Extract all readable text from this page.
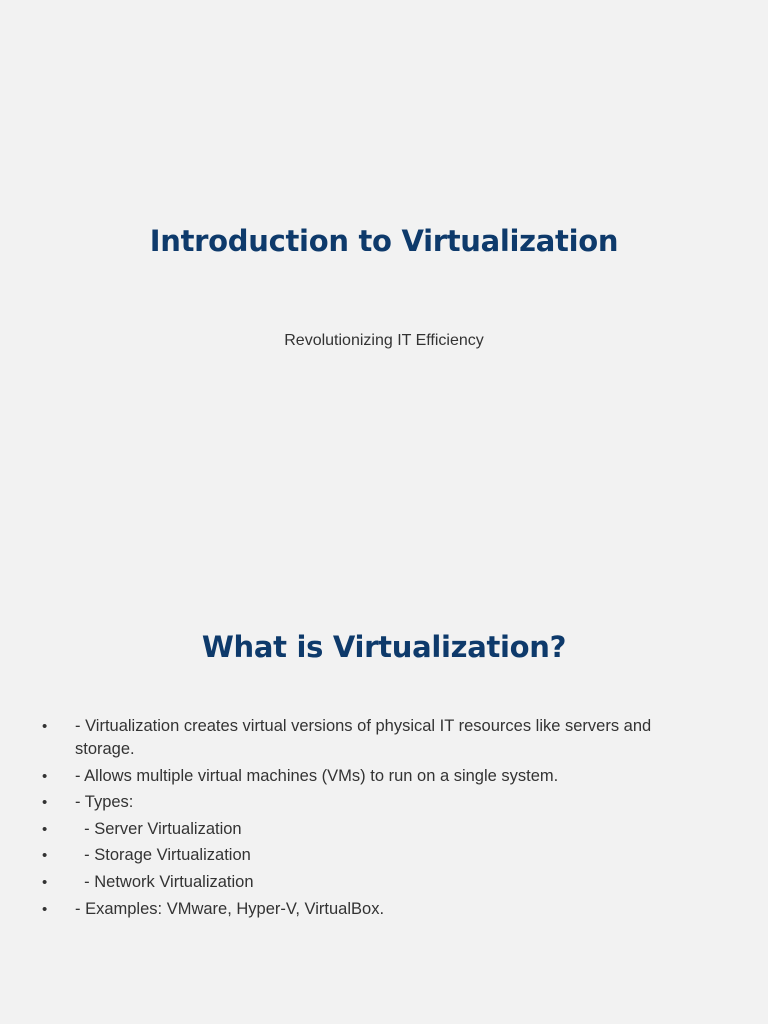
Introduction to Virtualization

Revolutionizing IT Efficiency

What is Virtualization?
•	- Virtualization creates virtual versions of physical IT resources like servers and storage.
•	- Allows multiple virtual machines (VMs) to run on a single system.
•	- Types:
•	- Server Virtualization
•	- Storage Virtualization
•	- Network Virtualization
•	- Examples: VMware, Hyper-V, VirtualBox.
